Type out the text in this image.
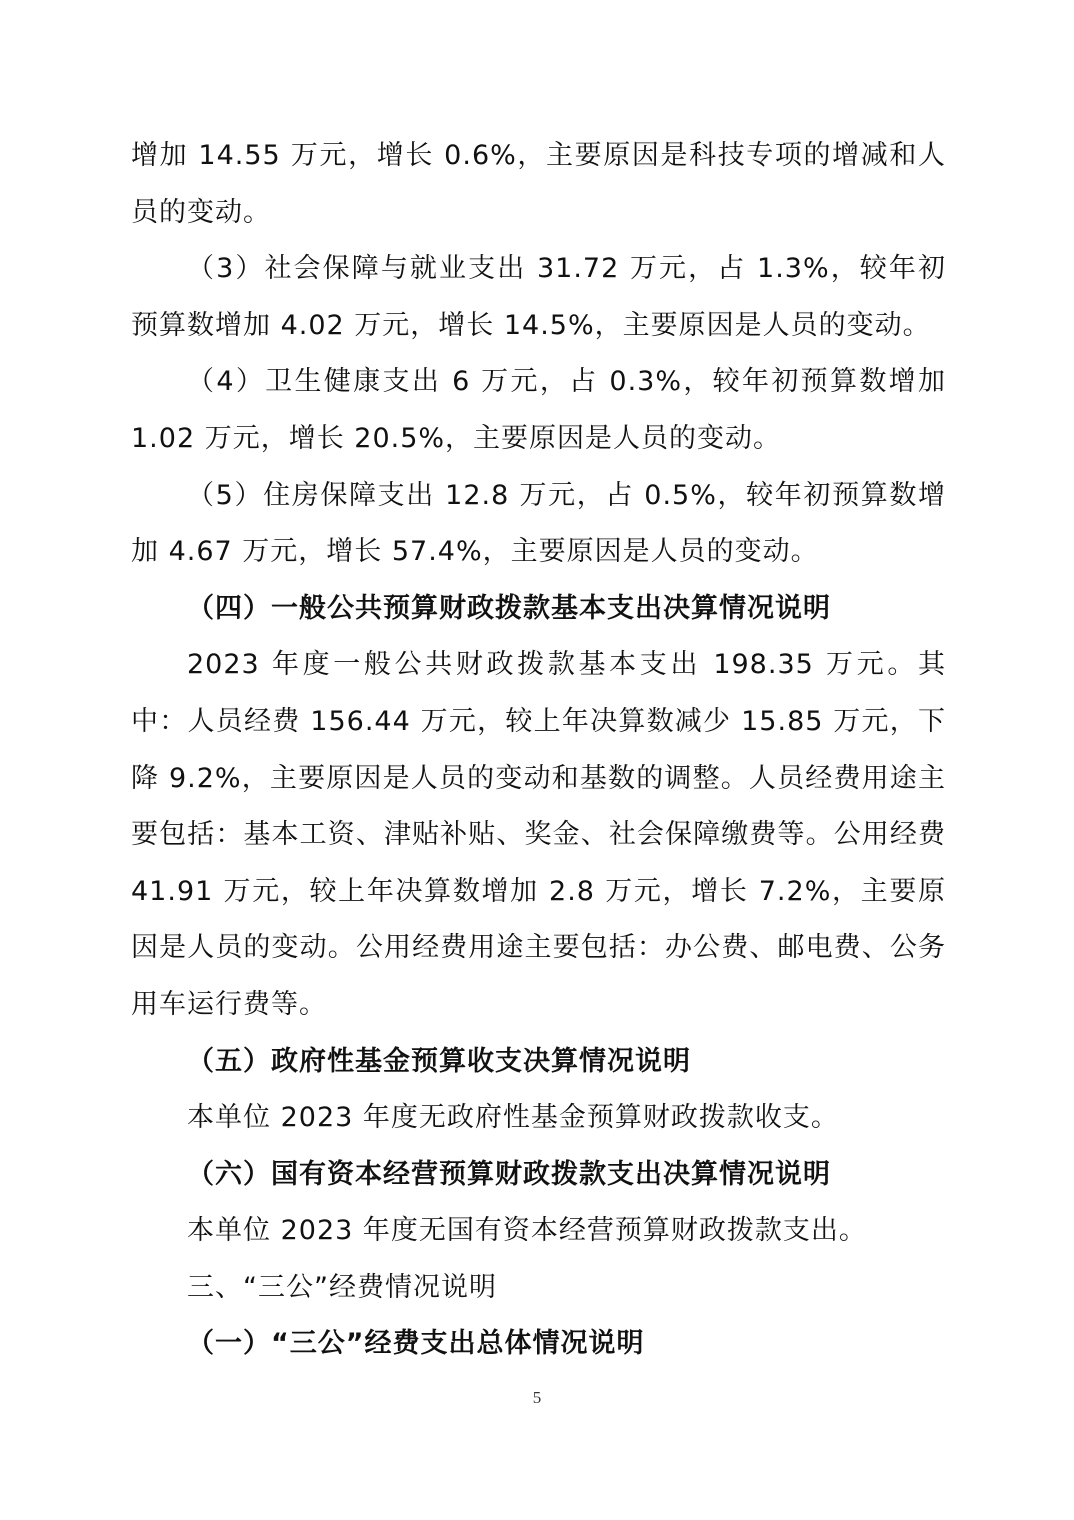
增加 14.55 万元，增长 0.6%，主要原因是科技专项的增减和人员的变动。

（3）社会保障与就业支出 31.72 万元，占 1.3%，较年初预算数增加 4.02 万元，增长 14.5%，主要原因是人员的变动。

（4）卫生健康支出 6 万元，占 0.3%，较年初预算数增加 1.02 万元，增长 20.5%，主要原因是人员的变动。

（5）住房保障支出 12.8 万元，占 0.5%，较年初预算数增加 4.67 万元，增长 57.4%，主要原因是人员的变动。

（四）一般公共预算财政拨款基本支出决算情况说明

2023 年度一般公共财政拨款基本支出 198.35 万元。其中：人员经费 156.44 万元，较上年决算数减少 15.85 万元，下降 9.2%，主要原因是人员的变动和基数的调整。人员经费用途主要包括：基本工资、津贴补贴、奖金、社会保障缴费等。公用经费 41.91 万元，较上年决算数增加 2.8 万元，增长 7.2%，主要原因是人员的变动。公用经费用途主要包括：办公费、邮电费、公务用车运行费等。

（五）政府性基金预算收支决算情况说明

本单位 2023 年度无政府性基金预算财政拨款收支。

（六）国有资本经营预算财政拨款支出决算情况说明

本单位 2023 年度无国有资本经营预算财政拨款支出。

三、“三公”经费情况说明

（一）“三公”经费支出总体情况说明

5
